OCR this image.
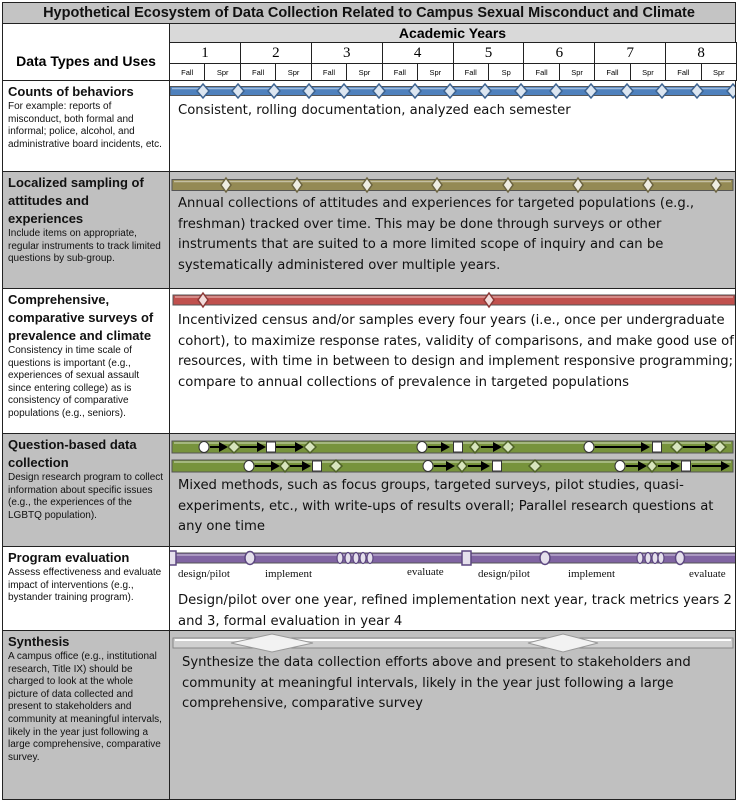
Hypothetical Ecosystem of Data Collection Related to Campus Sexual Misconduct and Climate
Data Types and Uses
Academic Years
1
Fall	Spr
2
Fall	Spr
3
Fall	Spr
4
Fall	Spr
5
Fall	Sp
6
Fall	Spr
7
Fall	Spr
8
Fall	Spr
Counts of behaviors
For example: reports of misconduct, both formal and informal; police, alcohol, and administrative board incidents, etc.
Consistent, rolling documentation, analyzed each semester
Localized sampling of attitudes and experiences
Include items on appropriate, regular instruments to track limited questions by sub-group.
Annual collections of attitudes and experiences for targeted populations (e.g., freshman) tracked over time. This may be done through surveys or other instruments that are suited to a more limited scope of inquiry and can be systematically administered over multiple years.
Comprehensive, comparative surveys of prevalence and climate
Consistency in time scale of questions is important (e.g., experiences of sexual assault since entering college) as is consistency of comparative populations (e.g., seniors).
Incentivized census and/or samples every four years (i.e., once per undergraduate cohort), to maximize response rates, validity of comparisons, and make good use of resources, with time in between to design and implement responsive programming; compare to annual collections of prevalence in targeted populations
Question-based data collection
Design research program to collect information about specific issues (e.g., the experiences of the LGBTQ population).
Mixed methods, such as focus groups, targeted surveys, pilot studies, quasi-experiments, etc., with write-ups of results overall; Parallel research questions at any one time
Program evaluation
Assess effectiveness and evaluate impact of interventions (e.g., bystander training program).
design/pilot	implement	evaluate	design/pilot	implement	evaluate
Design/pilot over one year, refined implementation next year, track metrics years 2 and 3, formal evaluation in year 4
Synthesis
A campus office (e.g., institutional research, Title IX) should be charged to look at the whole picture of data collected and present to stakeholders and community at meaningful intervals, likely in the year just following a large comprehensive, comparative survey.
Synthesize the data collection efforts above and present to stakeholders and community at meaningful intervals, likely in the year just following a large comprehensive, comparative survey
